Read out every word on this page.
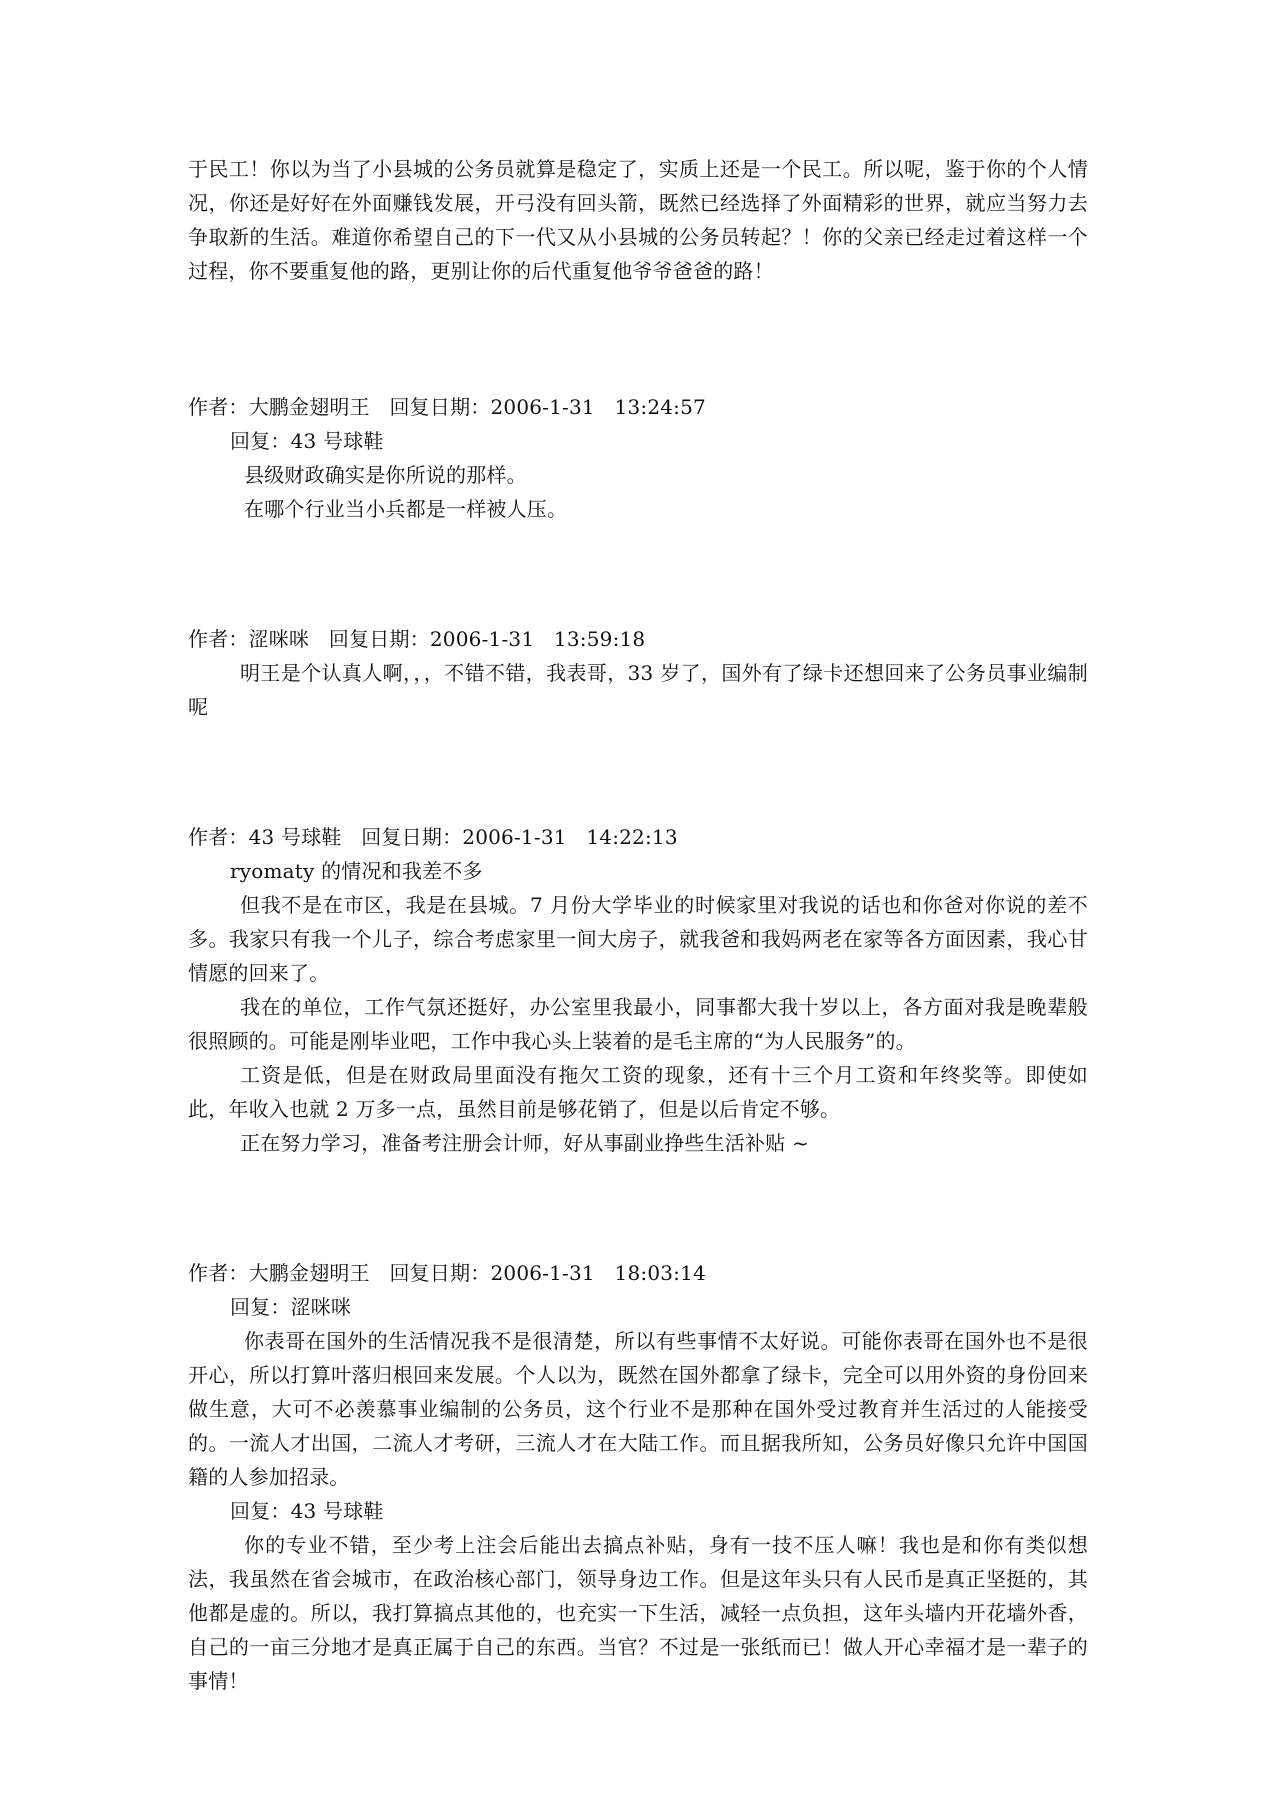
于民工！你以为当了小县城的公务员就算是稳定了，实质上还是一个民工。所以呢，鉴于你的个人情况，你还是好好在外面赚钱发展，开弓没有回头箭，既然已经选择了外面精彩的世界，就应当努力去争取新的生活。难道你希望自己的下一代又从小县城的公务员转起？！你的父亲已经走过着这样一个过程，你不要重复他的路，更别让你的后代重复他爷爷爸爸的路！

作者：大鹏金翅明王   回复日期：2006-1-31   13:24:57

回复：43 号球鞋

县级财政确实是你所说的那样。

在哪个行业当小兵都是一样被人压。

作者：涩咪咪   回复日期：2006-1-31   13:59:18

明王是个认真人啊，，，不错不错，我表哥，33 岁了，国外有了绿卡还想回来了公务员事业编制呢

作者：43 号球鞋   回复日期：2006-1-31   14:22:13

ryomaty 的情况和我差不多

但我不是在市区，我是在县城。7 月份大学毕业的时候家里对我说的话也和你爸对你说的差不多。我家只有我一个儿子，综合考虑家里一间大房子，就我爸和我妈两老在家等各方面因素，我心甘情愿的回来了。

我在的单位，工作气氛还挺好，办公室里我最小，同事都大我十岁以上，各方面对我是晚辈般很照顾的。可能是刚毕业吧，工作中我心头上装着的是毛主席的“为人民服务”的。

工资是低，但是在财政局里面没有拖欠工资的现象，还有十三个月工资和年终奖等。即使如此，年收入也就 2 万多一点，虽然目前是够花销了，但是以后肯定不够。

正在努力学习，准备考注册会计师，好从事副业挣些生活补贴 ~

作者：大鹏金翅明王   回复日期：2006-1-31   18:03:14

回复：涩咪咪

你表哥在国外的生活情况我不是很清楚，所以有些事情不太好说。可能你表哥在国外也不是很开心，所以打算叶落归根回来发展。个人以为，既然在国外都拿了绿卡，完全可以用外资的身份回来做生意，大可不必羡慕事业编制的公务员，这个行业不是那种在国外受过教育并生活过的人能接受的。一流人才出国，二流人才考研，三流人才在大陆工作。而且据我所知，公务员好像只允许中国国籍的人参加招录。

回复：43 号球鞋

你的专业不错，至少考上注会后能出去搞点补贴，身有一技不压人嘛！我也是和你有类似想法，我虽然在省会城市，在政治核心部门，领导身边工作。但是这年头只有人民币是真正坚挺的，其他都是虚的。所以，我打算搞点其他的，也充实一下生活，减轻一点负担，这年头墙内开花墙外香，自己的一亩三分地才是真正属于自己的东西。当官？不过是一张纸而已！做人开心幸福才是一辈子的事情！
